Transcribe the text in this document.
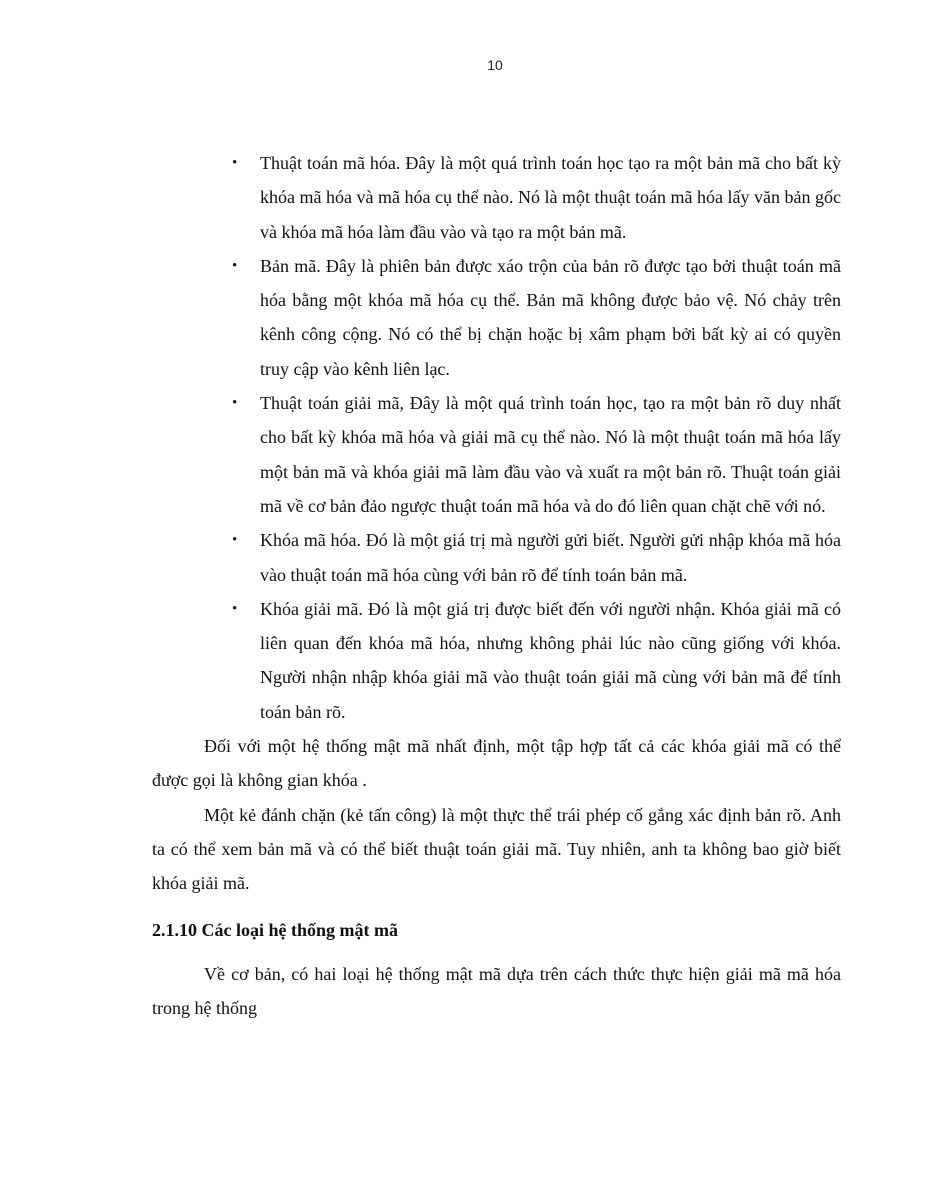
10
• Thuật toán mã hóa. Đây là một quá trình toán học tạo ra một bản mã cho bất kỳ khóa mã hóa và mã hóa cụ thể nào. Nó là một thuật toán mã hóa lấy văn bản gốc và khóa mã hóa làm đầu vào và tạo ra một bản mã.
• Bản mã. Đây là phiên bản được xáo trộn của bản rõ được tạo bởi thuật toán mã hóa bằng một khóa mã hóa cụ thể. Bản mã không được bảo vệ. Nó chảy trên kênh công cộng. Nó có thể bị chặn hoặc bị xâm phạm bởi bất kỳ ai có quyền truy cập vào kênh liên lạc.
• Thuật toán giải mã, Đây là một quá trình toán học, tạo ra một bản rõ duy nhất cho bất kỳ khóa mã hóa và giải mã cụ thể nào. Nó là một thuật toán mã hóa lấy một bản mã và khóa giải mã làm đầu vào và xuất ra một bản rõ. Thuật toán giải mã về cơ bản đảo ngược thuật toán mã hóa và do đó liên quan chặt chẽ với nó.
• Khóa mã hóa. Đó là một giá trị mà người gửi biết. Người gửi nhập khóa mã hóa vào thuật toán mã hóa cùng với bản rõ để tính toán bản mã.
• Khóa giải mã. Đó là một giá trị được biết đến với người nhận. Khóa giải mã có liên quan đến khóa mã hóa, nhưng không phải lúc nào cũng giống với khóa. Người nhận nhập khóa giải mã vào thuật toán giải mã cùng với bản mã để tính toán bản rõ.

Đối với một hệ thống mật mã nhất định, một tập hợp tất cả các khóa giải mã có thể được gọi là không gian khóa .

Một kẻ đánh chặn (kẻ tấn công) là một thực thể trái phép cố gắng xác định bản rõ. Anh ta có thể xem bản mã và có thể biết thuật toán giải mã. Tuy nhiên, anh ta không bao giờ biết khóa giải mã.

2.1.10 Các loại hệ thống mật mã

Về cơ bản, có hai loại hệ thống mật mã dựa trên cách thức thực hiện giải mã mã hóa trong hệ thống
